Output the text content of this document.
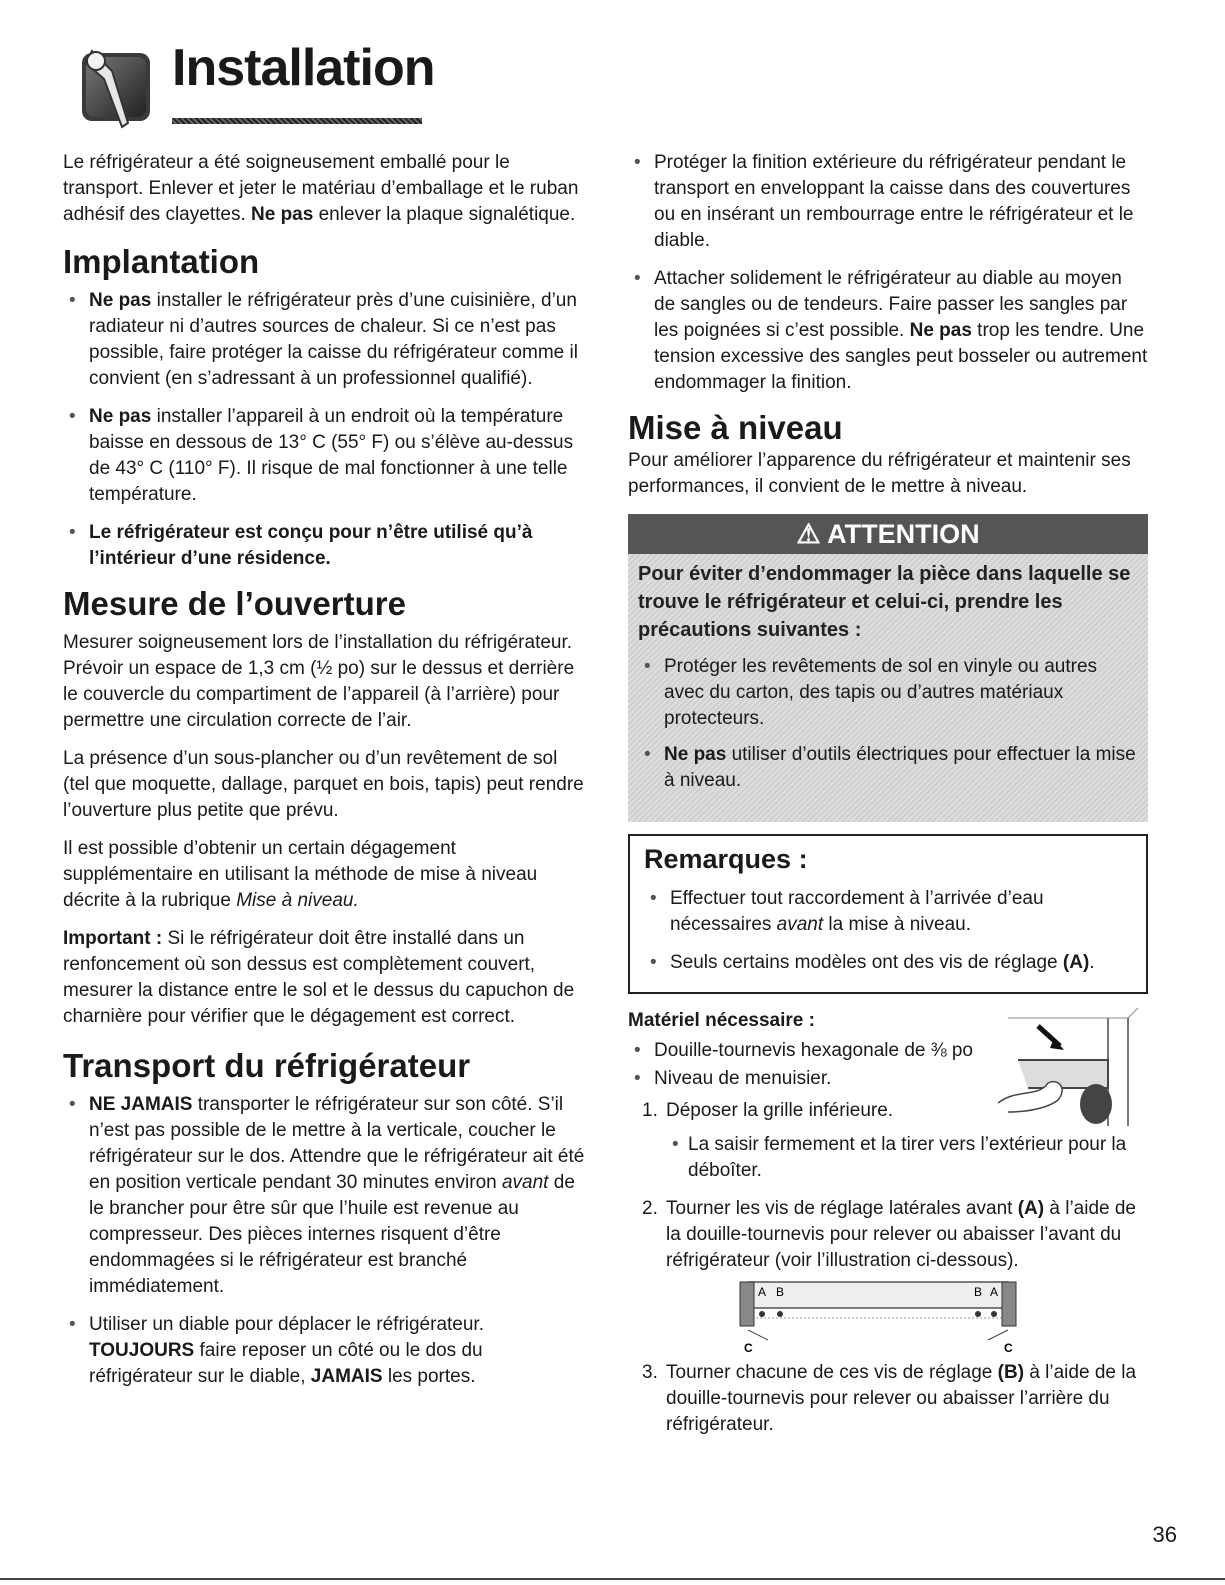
Installation

Le réfrigérateur a été soigneusement emballé pour le transport. Enlever et jeter le matériau d’emballage et le ruban adhésif des clayettes. Ne pas enlever la plaque signalétique.

Implantation
• Ne pas installer le réfrigérateur près d’une cuisinière, d’un radiateur ni d’autres sources de chaleur. Si ce n’est pas possible, faire protéger la caisse du réfrigérateur comme il convient (en s’adressant à un professionnel qualifié).
• Ne pas installer l’appareil à un endroit où la température baisse en dessous de 13° C (55° F) ou s’élève au-dessus de 43° C (110° F). Il risque de mal fonctionner à une telle température.
• Le réfrigérateur est conçu pour n’être utilisé qu’à l’intérieur d’une résidence.
Mesure de l’ouverture

Mesurer soigneusement lors de l’installation du réfrigérateur. Prévoir un espace de 1,3 cm (½ po) sur le dessus et derrière le couvercle du compartiment de l’appareil (à l’arrière) pour permettre une circulation correcte de l’air.

La présence d’un sous-plancher ou d’un revêtement de sol (tel que moquette, dallage, parquet en bois, tapis) peut rendre l’ouverture plus petite que prévu.

Il est possible d’obtenir un certain dégagement supplémentaire en utilisant la méthode de mise à niveau décrite à la rubrique Mise à niveau.

Important : Si le réfrigérateur doit être installé dans un renfoncement où son dessus est complètement couvert, mesurer la distance entre le sol et le dessus du capuchon de charnière pour vérifier que le dégagement est correct.

Transport du réfrigérateur
• NE JAMAIS transporter le réfrigérateur sur son côté. S’il n’est pas possible de le mettre à la verticale, coucher le réfrigérateur sur le dos. Attendre que le réfrigérateur ait été en position verticale pendant 30 minutes environ avant de le brancher pour être sûr que l’huile est revenue au compresseur. Des pièces internes risquent d’être endommagées si le réfrigérateur est branché immédiatement.
• Utiliser un diable pour déplacer le réfrigérateur. TOUJOURS faire reposer un côté ou le dos du réfrigérateur sur le diable, JAMAIS les portes.
• Protéger la finition extérieure du réfrigérateur pendant le transport en enveloppant la caisse dans des couvertures ou en insérant un rembourrage entre le réfrigérateur et le diable.
• Attacher solidement le réfrigérateur au diable au moyen de sangles ou de tendeurs. Faire passer les sangles par les poignées si c’est possible. Ne pas trop les tendre. Une tension excessive des sangles peut bosseler ou autrement endommager la finition.
Mise à niveau

Pour améliorer l’apparence du réfrigérateur et maintenir ses performances, il convient de le mettre à niveau.

⚠ ATTENTION

Pour éviter d’endommager la pièce dans laquelle se trouve le réfrigérateur et celui-ci, prendre les précautions suivantes :

• Protéger les revêtements de sol en vinyle ou autres avec du carton, des tapis ou d’autres matériaux protecteurs.
• Ne pas utiliser d’outils électriques pour effectuer la mise à niveau.
Remarques :
• Effectuer tout raccordement à l’arrivée d’eau nécessaires avant la mise à niveau.
• Seuls certains modèles ont des vis de réglage (A).

Matériel nécessaire :

• Douille-tournevis hexagonale de ⅜ po
• Niveau de menuisier.
1. Déposer la grille inférieure.
• La saisir fermement et la tirer vers l’extérieur pour la déboîter.
2. Tourner les vis de réglage latérales avant (A) à l’aide de la douille-tournevis pour relever ou abaisser l’avant du réfrigérateur (voir l’illustration ci-dessous).
A B	B A
C	C
3. Tourner chacune de ces vis de réglage (B) à l’aide de la douille-tournevis pour relever ou abaisser l’arrière du réfrigérateur.
36
